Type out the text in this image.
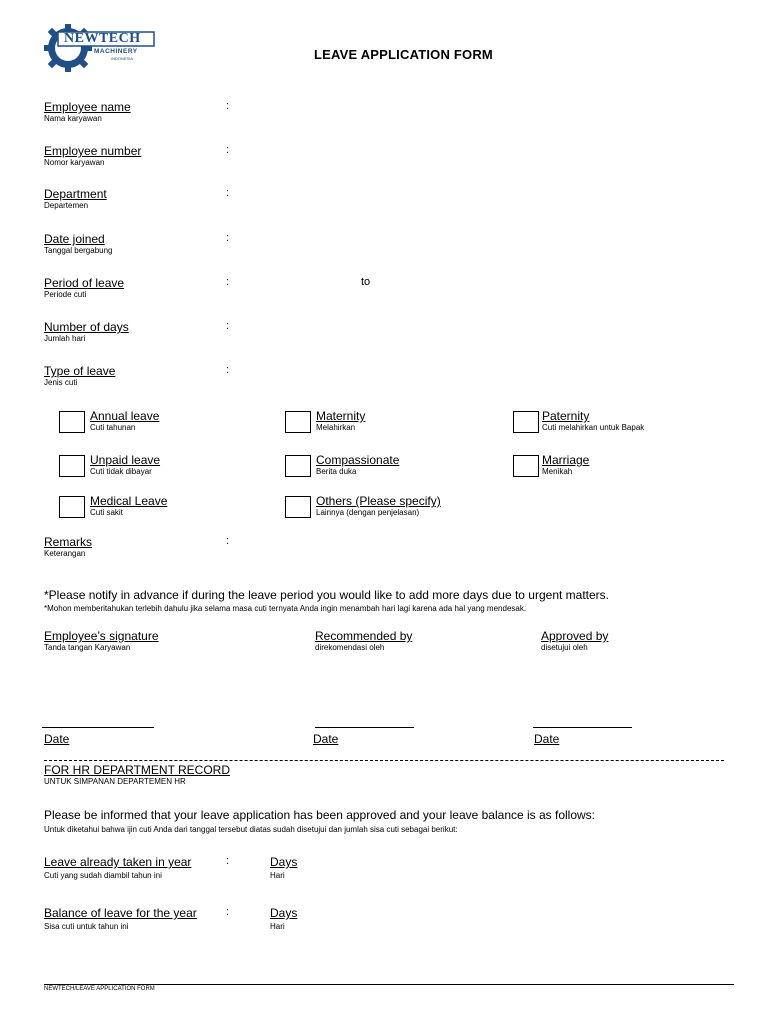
NEWTECH
MACHINERY
INDONESIA	LEAVE APPLICATION FORM
Employee name
Nama karyawan
:
Employee number
Nomor karyawan
:
Department
Departemen
:
Date joined
Tanggal bergabung
:
Period of leave
Periode cuti
:	to
Number of days
Jumlah hari
:
Type of leave
Jenis cuti
:
Annual leave
Cuti tahunan
Maternity
Melahirkan
Paternity
Cuti melahirkan untuk Bapak
Unpaid leave
Cuti tidak dibayar
Compassionate
Berita duka
Marriage
Menikah
Medical Leave
Cuti sakit
Others (Please specify)
Lainnya (dengan penjelasan)
Remarks
Keterangan
:
*Please notify in advance if during the leave period you would like to add more days due to urgent matters.
*Mohon memberitahukan terlebih dahulu jika selama masa cuti ternyata Anda ingin menambah hari lagi karena ada hal yang mendesak.
Employee’s signature
Tanda tangan Karyawan
Recommended by
direkomendasi oleh
Approved by
disetujui oleh
Date	Date	Date
FOR HR DEPARTMENT RECORD
UNTUK SIMPANAN DEPARTEMEN HR
Please be informed that your leave application has been approved and your leave balance is as follows:
Untuk diketahui bahwa ijin cuti Anda dari tanggal tersebut diatas sudah disetujui dan jumlah sisa cuti sebagai berikut:
Leave already taken in year
Cuti yang sudah diambil tahun ini
:	Days
Hari
Balance of leave for the year
Sisa cuti untuk tahun ini
:	Days
Hari
NEWTECH/LEAVE APPLICATION FORM
